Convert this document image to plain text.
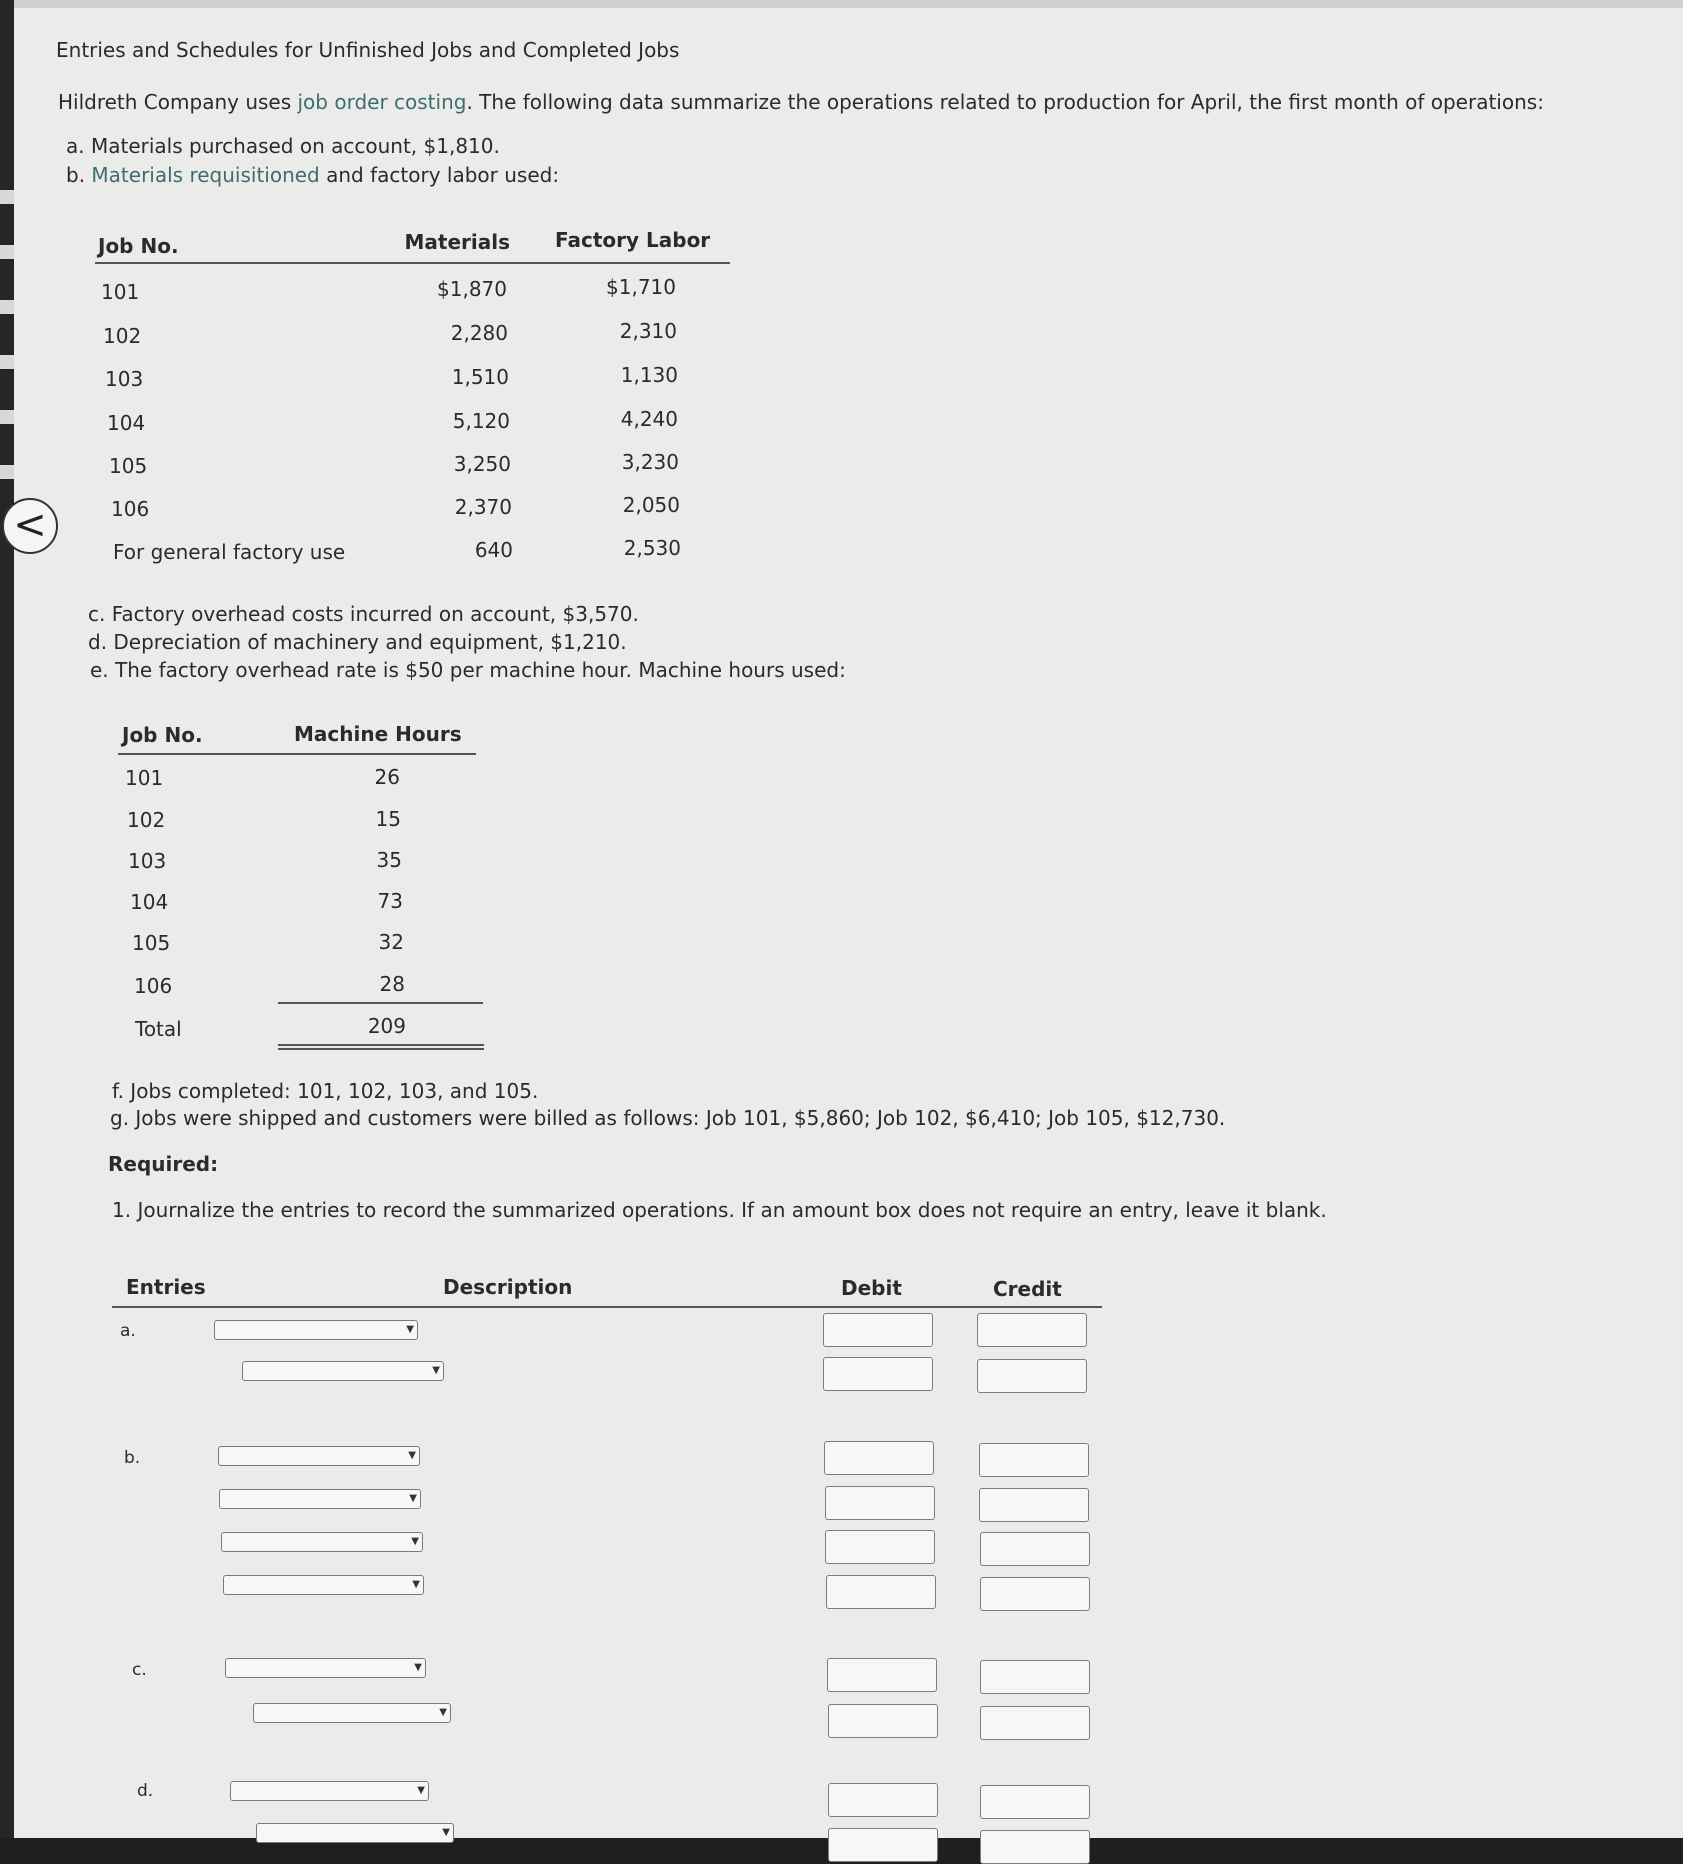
<
Entries and Schedules for Unfinished Jobs and Completed Jobs
Hildreth Company uses job order costing. The following data summarize the operations related to production for April, the first month of operations:
a. Materials purchased on account, $1,810.
b. Materials requisitioned and factory labor used:
Job No.	Materials Factory Labor
101	$1,870	$1,710
102	2,280	2,310
103	1,510	1,130
104	5,120	4,240
105	3,250	3,230
106	2,370	2,050
For general factory use	640	2,530
c. Factory overhead costs incurred on account, $3,570.
d. Depreciation of machinery and equipment, $1,210.
e. The factory overhead rate is $50 per machine hour. Machine hours used:
Job No.	Machine Hours
101	26
102	15
103	35
104	73
105	32
106	28
Total	209
f. Jobs completed: 101, 102, 103, and 105.
g. Jobs were shipped and customers were billed as follows: Job 101, $5,860; Job 102, $6,410; Job 105, $12,730.
Required:
1. Journalize the entries to record the summarized operations. If an amount box does not require an entry, leave it blank.
Entries	Description	Debit	Credit
a.	▼
▼
b.	▼
▼
▼
▼
c.	▼
▼
d.	▼
▼
